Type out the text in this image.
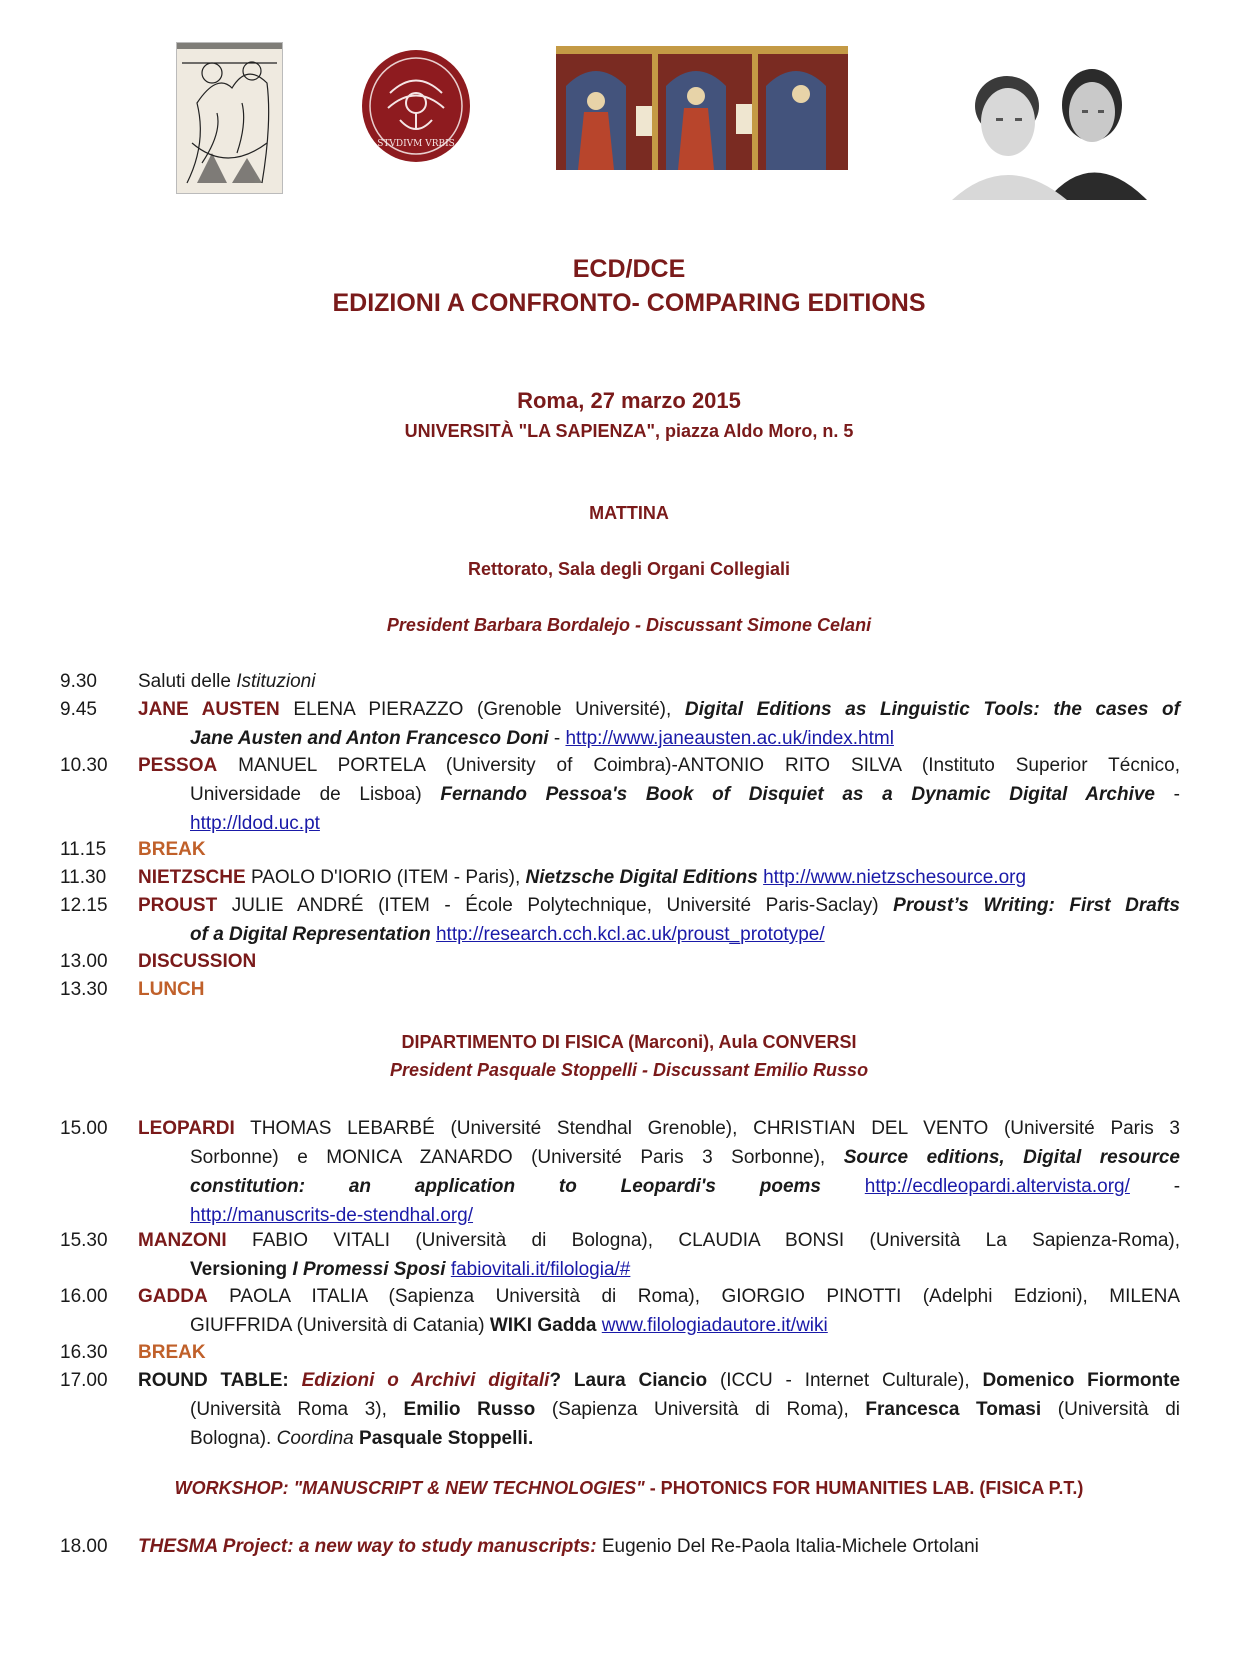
STVDIVM VRBIS
ECD/DCE
EDIZIONI A CONFRONTO- COMPARING EDITIONS
Roma, 27 marzo 2015
UNIVERSITÀ "LA SAPIENZA", piazza Aldo Moro, n. 5
MATTINA
Rettorato, Sala degli Organi Collegiali
President Barbara Bordalejo - Discussant Simone Celani
9.30	Saluti delle Istituzioni
9.45	JANE AUSTEN ELENA PIERAZZO (Grenoble Université), Digital Editions as Linguistic Tools: the cases of
Jane Austen and Anton Francesco Doni - http://www.janeausten.ac.uk/index.html
10.30	PESSOA MANUEL PORTELA (University of Coimbra)-ANTONIO RITO SILVA (Instituto Superior Técnico,
Universidade de Lisboa) Fernando Pessoa's Book of Disquiet as a Dynamic Digital Archive -
http://ldod.uc.pt
11.15	BREAK
11.30	NIETZSCHE PAOLO D'IORIO (ITEM - Paris), Nietzsche Digital Editions http://www.nietzschesource.org
12.15	PROUST JULIE ANDRÉ (ITEM - École Polytechnique, Université Paris-Saclay) Proust’s Writing: First Drafts
of a Digital Representation http://research.cch.kcl.ac.uk/proust_prototype/
13.00	DISCUSSION
13.30	LUNCH
DIPARTIMENTO DI FISICA (Marconi), Aula CONVERSI
President Pasquale Stoppelli - Discussant Emilio Russo
15.00	LEOPARDI THOMAS LEBARBÉ (Université Stendhal Grenoble), CHRISTIAN DEL VENTO (Université Paris 3
Sorbonne) e MONICA ZANARDO (Université Paris 3 Sorbonne), Source editions, Digital resource
constitution: an application to Leopardi's poems http://ecdleopardi.altervista.org/ -
http://manuscrits-de-stendhal.org/
15.30	MANZONI FABIO VITALI (Università di Bologna), CLAUDIA BONSI (Università La Sapienza-Roma),
Versioning I Promessi Sposi fabiovitali.it/filologia/#
16.00	GADDA PAOLA ITALIA (Sapienza Università di Roma), GIORGIO PINOTTI (Adelphi Edzioni), MILENA
GIUFFRIDA (Università di Catania) WIKI Gadda www.filologiadautore.it/wiki
16.30	BREAK
17.00	ROUND TABLE: Edizioni o Archivi digitali? Laura Ciancio (ICCU - Internet Culturale), Domenico Fiormonte
(Università Roma 3), Emilio Russo (Sapienza Università di Roma), Francesca Tomasi (Università di
Bologna). Coordina Pasquale Stoppelli.
WORKSHOP: "MANUSCRIPT & NEW TECHNOLOGIES" - PHOTONICS FOR HUMANITIES LAB. (FISICA P.T.)
18.00	THESMA Project: a new way to study manuscripts: Eugenio Del Re-Paola Italia-Michele Ortolani
